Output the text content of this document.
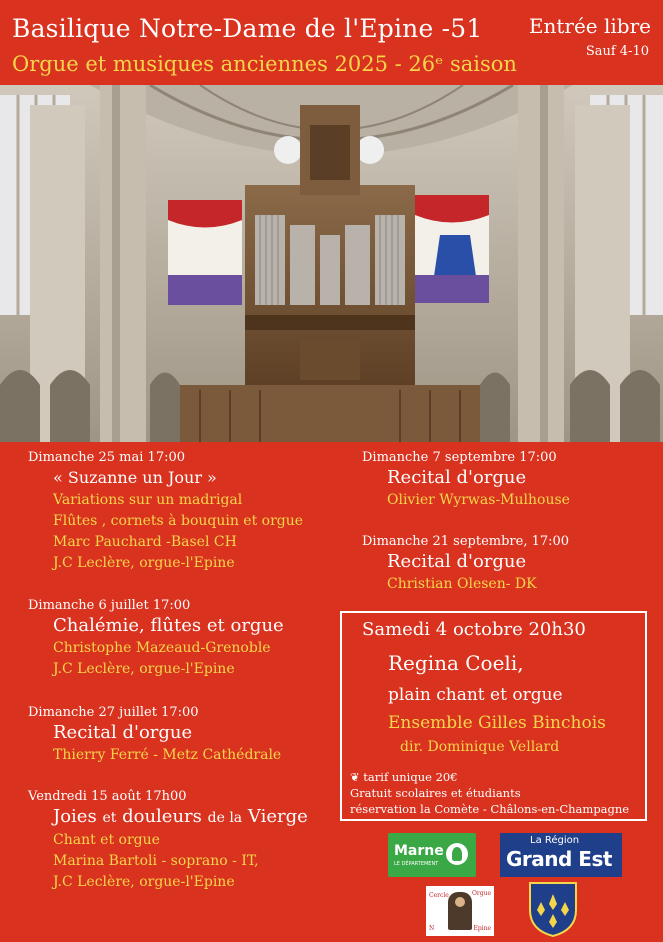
Basilique Notre-Dame de l'Epine -51
Orgue et musiques anciennes 2025 - 26ᵉ saison
Entrée libre
Sauf 4-10
Dimanche 25 mai 17:00
« Suzanne un Jour »
Variations sur un madrigal
Flûtes , cornets à bouquin et orgue
Marc Pauchard -Basel CH
J.C Leclère, orgue-l'Epine
Dimanche 6 juillet 17:00
Chalémie, flûtes et orgue
Christophe Mazeaud-Grenoble
J.C Leclère, orgue-l'Epine
Dimanche 27 juillet 17:00
Recital d'orgue
Thierry Ferré - Metz Cathédrale
Vendredi 15 août 17h00
Joies et douleurs de la Vierge
Chant et orgue
Marina Bartoli - soprano - IT,
J.C Leclère, orgue-l'Epine
Dimanche 7 septembre 17:00
Recital d'orgue
Olivier Wyrwas-Mulhouse
Dimanche 21 septembre, 17:00
Recital d'orgue
Christian Olesen- DK
Samedi 4 octobre 20h30
Regina Coeli,
plain chant et orgue
Ensemble Gilles Binchois
dir. Dominique Vellard
❦ tarif unique 20€
Gratuit scolaires et étudiants
réservation la Comète - Châlons-en-Champagne
Marne
LE DÉPARTEMENT
La Région
Grand Est
Cercle	Orgue
N	Epine
